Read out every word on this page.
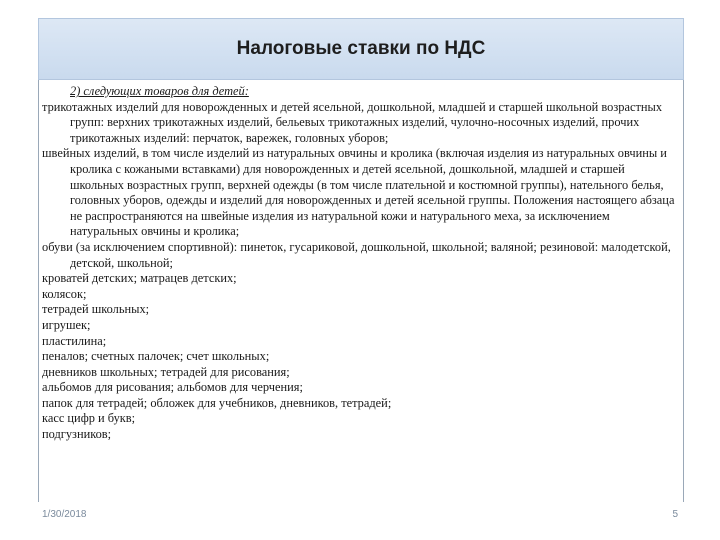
Налоговые ставки по НДС
2) следующих товаров для детей:
трикотажных изделий для новорожденных и детей ясельной, дошкольной, младшей и старшей школьной возрастных групп: верхних трикотажных изделий, бельевых трикотажных изделий, чулочно-носочных изделий, прочих трикотажных изделий: перчаток, варежек, головных уборов;
швейных изделий, в том числе изделий из натуральных овчины и кролика (включая изделия из натуральных овчины и кролика с кожаными вставками) для новорожденных и детей ясельной, дошкольной, младшей и старшей школьных возрастных групп, верхней одежды (в том числе плательной и костюмной группы), нательного белья, головных уборов, одежды и изделий для новорожденных и детей ясельной группы. Положения настоящего абзаца не распространяются на швейные изделия из натуральной кожи и натурального меха, за исключением натуральных овчины и кролика;
обуви (за исключением спортивной): пинеток, гусариковой, дошкольной, школьной; валяной; резиновой: малодетской, детской, школьной;
кроватей детских; матрацев детских;
колясок;
тетрадей школьных;
игрушек;
пластилина;
пеналов; счетных палочек; счет школьных;
дневников школьных; тетрадей для рисования;
альбомов для рисования; альбомов для черчения;
папок для тетрадей; обложек для учебников, дневников, тетрадей;
касс цифр и букв;
подгузников;
1/30/2018	5
